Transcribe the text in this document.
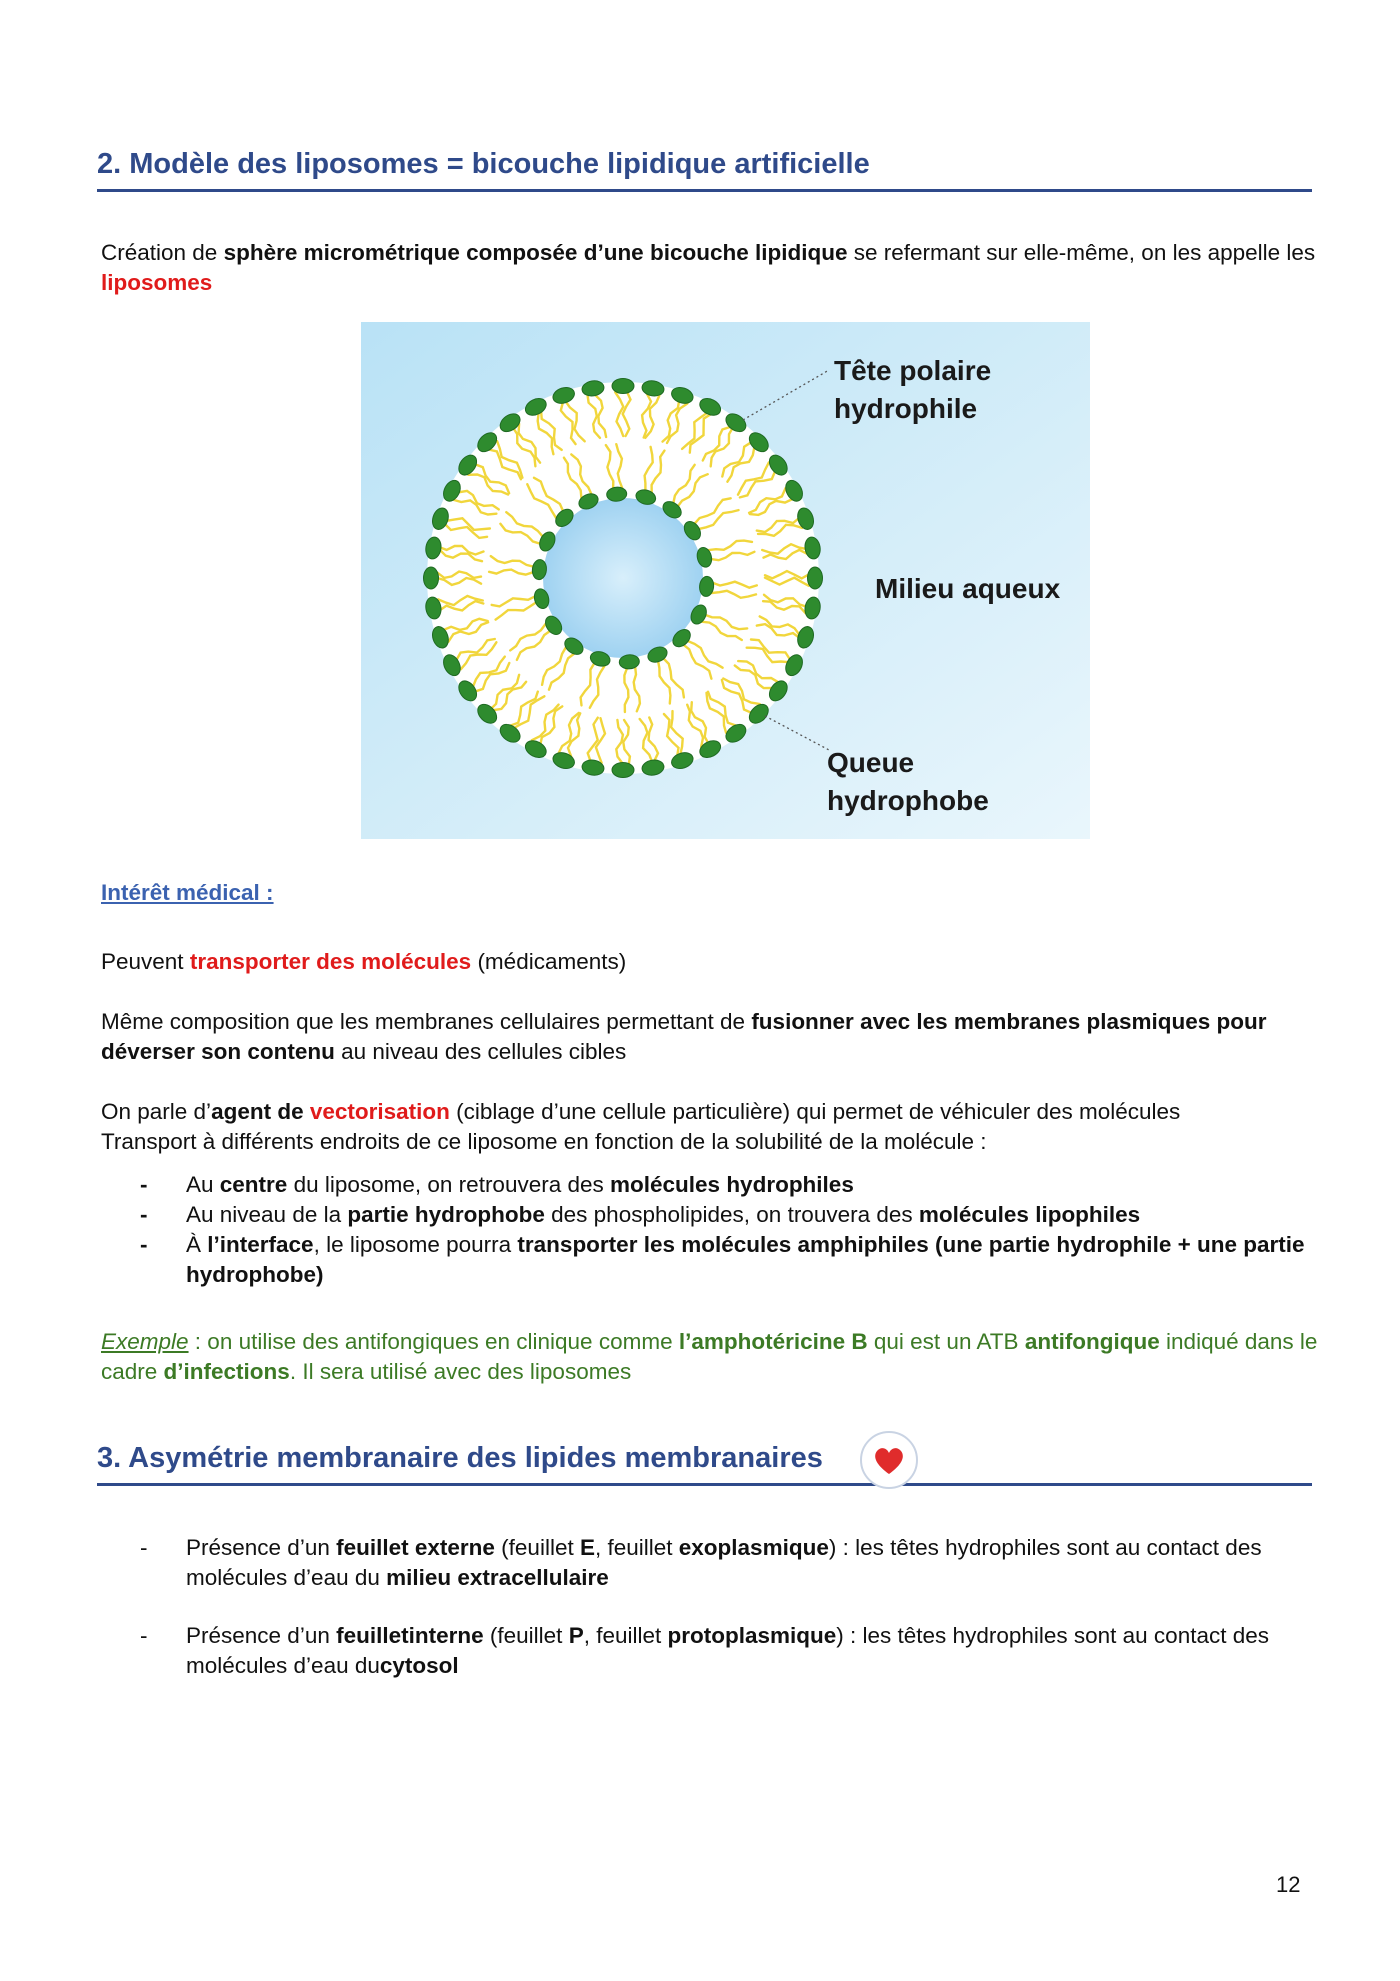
2. Modèle des liposomes = bicouche lipidique artificielle
Création de sphère micrométrique composée d’une bicouche lipidique se refermant sur elle-même, on les appelle les liposomes
Tête polaire
hydrophile
Milieu aqueux
Queue
hydrophobe
Intérêt médical :
Peuvent transporter des molécules (médicaments)
Même composition que les membranes cellulaires permettant de fusionner avec les membranes plasmiques pour déverser son contenu au niveau des cellules cibles
On parle d’agent de vectorisation (ciblage d’une cellule particulière) qui permet de véhiculer des molécules
Transport à différents endroits de ce liposome en fonction de la solubilité de la molécule :
- Au centre du liposome, on retrouvera des molécules hydrophiles
- Au niveau de la partie hydrophobe des phospholipides, on trouvera des molécules lipophiles
- À l’interface, le liposome pourra transporter les molécules amphiphiles (une partie hydrophile + une partie hydrophobe)
Exemple : on utilise des antifongiques en clinique comme l’amphotéricine B qui est un ATB antifongique indiqué dans le cadre d’infections. Il sera utilisé avec des liposomes
3. Asymétrie membranaire des lipides membranaires
- Présence d’un feuillet externe (feuillet E, feuillet exoplasmique) : les têtes hydrophiles sont au contact des molécules d’eau du milieu extracellulaire
- Présence d’un feuilletinterne (feuillet P, feuillet protoplasmique) : les têtes hydrophiles sont au contact des molécules d’eau ducytosol
12
